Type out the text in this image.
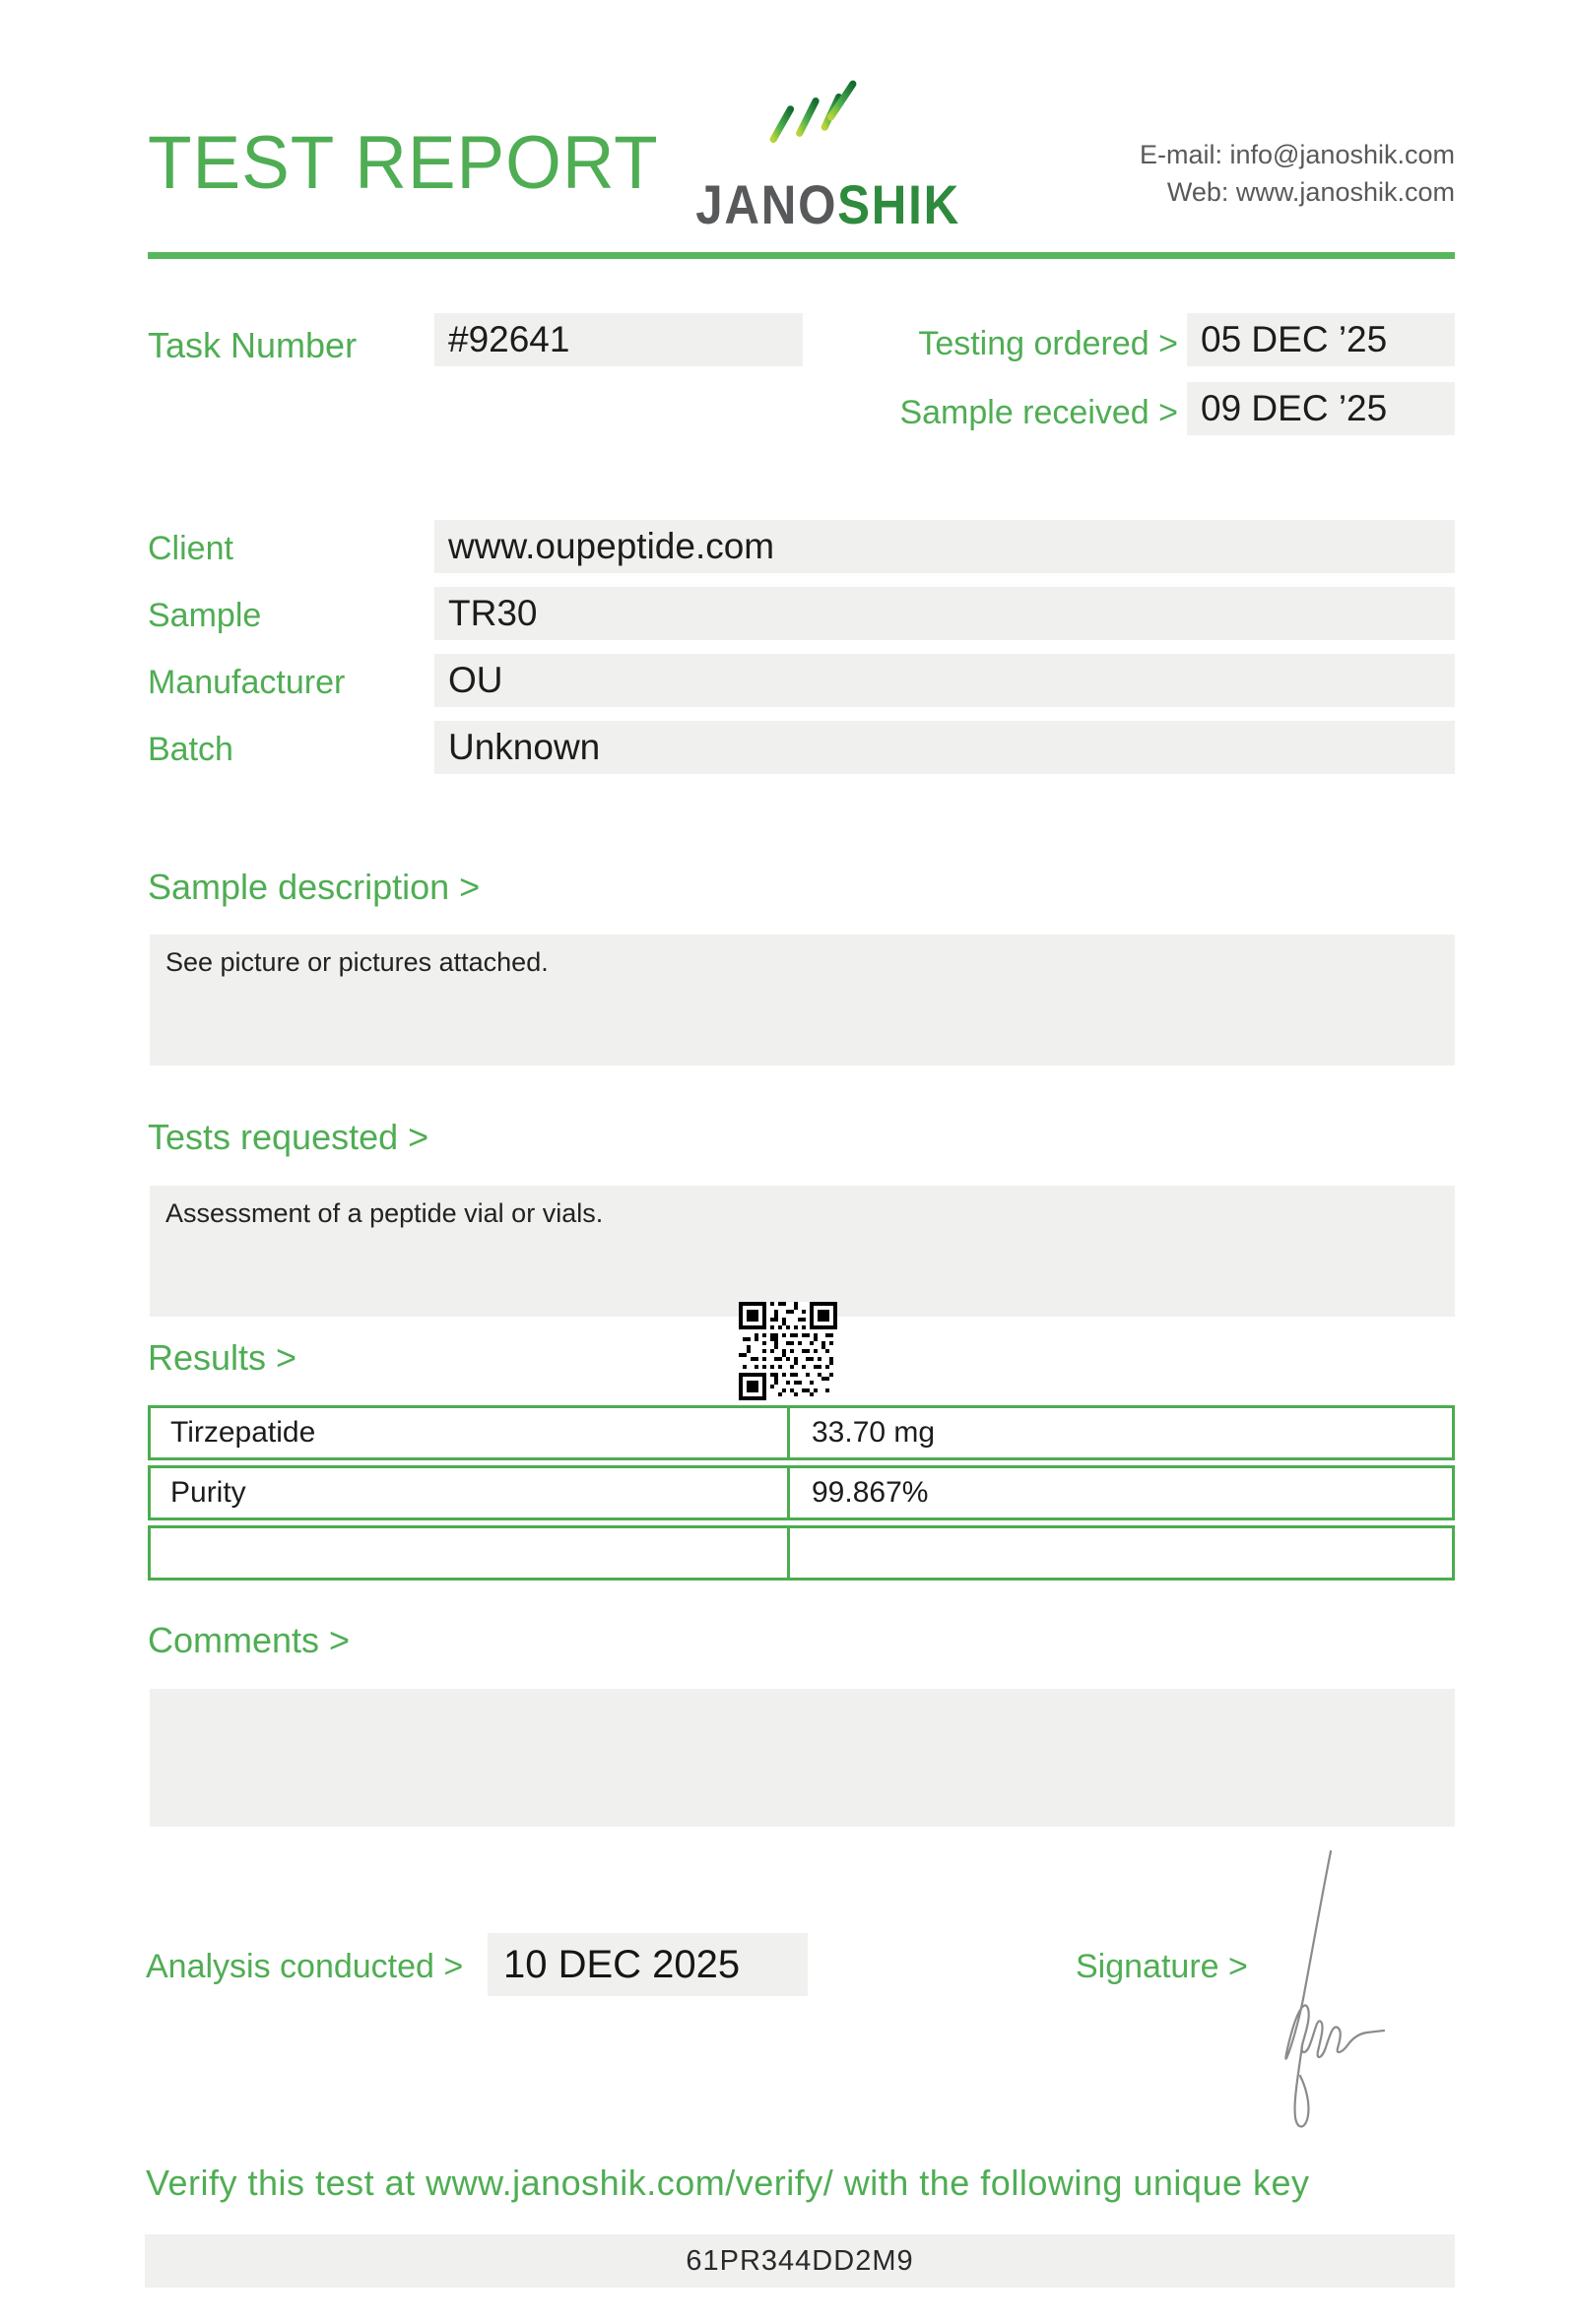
TEST REPORT JANOSHIK
E-mail: info@janoshik.com
Web: www.janoshik.com
Task Number	#92641	Testing ordered > 05 DEC ’25
Sample received > 09 DEC ’25
Client	www.oupeptide.com
Sample	TR30
Manufacturer	OU
Batch	Unknown
Sample description >
See picture or pictures attached.
Tests requested >
Assessment of a peptide vial or vials.
Results >
Tirzepatide	33.70 mg
Purity	99.867%
Comments >
Analysis conducted > 10 DEC 2025	Signature >
Verify this test at www.janoshik.com/verify/ with the following unique key
61PR344DD2M9
